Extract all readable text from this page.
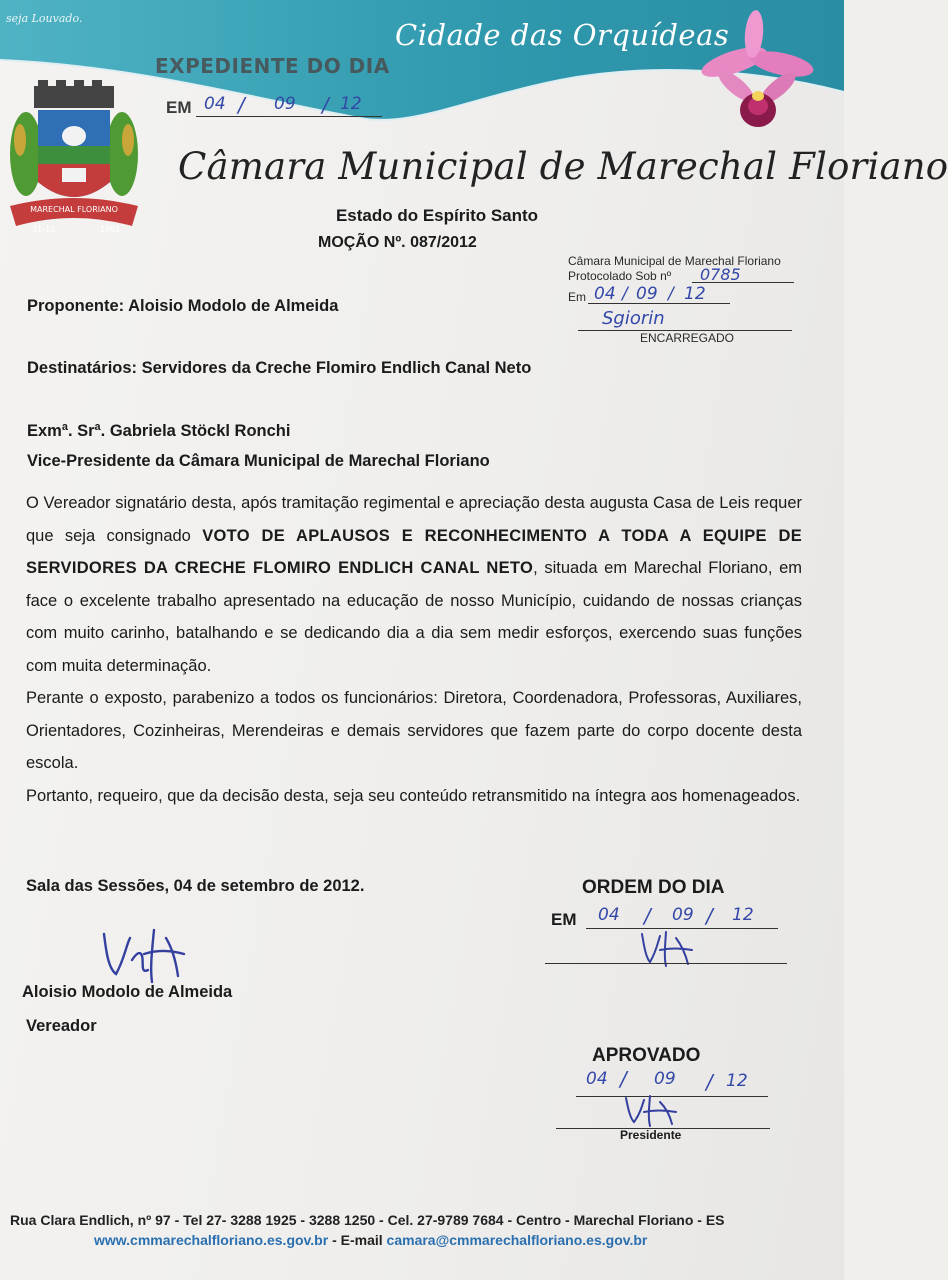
seja Louvado.	Cidade das Orquídeas
EXPEDIENTE DO DIA
EM 04 / 09 / 12
MARECHAL FLORIANO
31-10	1991
Câmara Municipal de Marechal Floriano
Estado do Espírito Santo
MOÇÃO Nº. 087/2012
Câmara Municipal de Marechal Floriano
Protocolado Sob nº	0785
Em 04 / 09 / 12
Sgiorin
ENCARREGADO
Proponente: Aloisio Modolo de Almeida
Destinatários: Servidores da Creche Flomiro Endlich Canal Neto
Exmª. Srª. Gabriela Stöckl Ronchi
Vice-Presidente da Câmara Municipal de Marechal Floriano

O Vereador signatário desta, após tramitação regimental e apreciação desta augusta Casa de Leis requer que seja consignado VOTO DE APLAUSOS E RECONHECIMENTO A TODA A EQUIPE DE SERVIDORES DA CRECHE FLOMIRO ENDLICH CANAL NETO, situada em Marechal Floriano, em face o excelente trabalho apresentado na educação de nosso Município, cuidando de nossas crianças com muito carinho, batalhando e se dedicando dia a dia sem medir esforços, exercendo suas funções com muita determinação.

Perante o exposto, parabenizo a todos os funcionários: Diretora, Coordenadora, Professoras, Auxiliares, Orientadores, Cozinheiras, Merendeiras e demais servidores que fazem parte do corpo docente desta escola.

Portanto, requeiro, que da decisão desta, seja seu conteúdo retransmitido na íntegra aos homenageados.

Sala das Sessões, 04 de setembro de 2012.
Aloisio Modolo de Almeida
Vereador
ORDEM DO DIA
EM 04 / 09 / 12
APROVADO
04 / 09 / 12
Presidente
Rua Clara Endlich, nº 97 - Tel 27- 3288 1925 - 3288 1250 - Cel. 27-9789 7684 - Centro - Marechal Floriano - ES
www.cmmarechalfloriano.es.gov.br - E-mail camara@cmmarechalfloriano.es.gov.br
